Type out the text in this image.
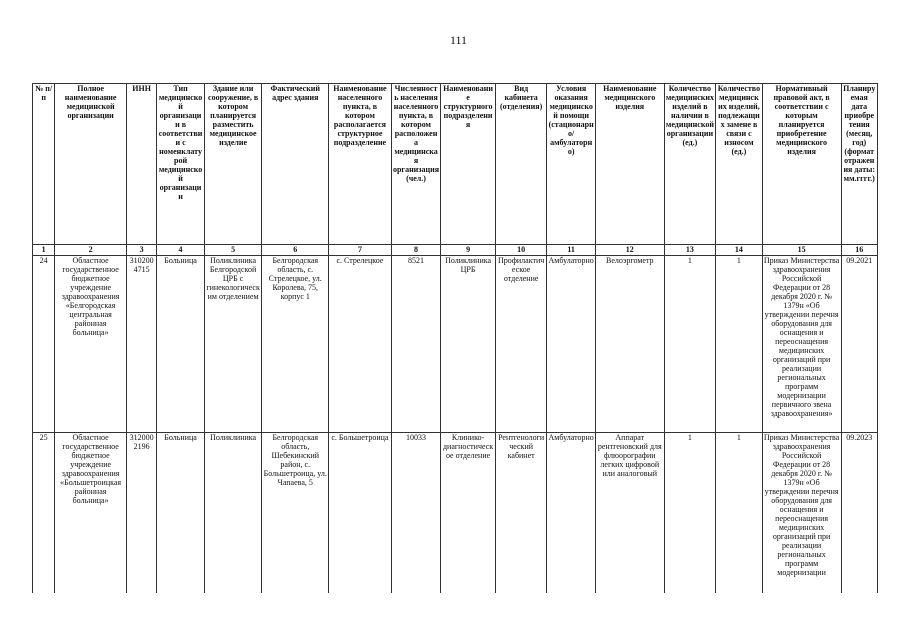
111
№ п/п	Полное наименование медицинской организации	ИНН	Тип медицинской организации в соответствии с номенклатурой медицинской организации	Здание или сооружение, в котором планируется разместить медицинское изделие	Фактический адрес здания	Наименование населенного пункта, в котором располагается структурное подразделение	Численность населения населенного пункта, в котором расположена медицинская организация (чел.)	Наименование структурного подразделения	Вид кабинета (отделения)	Условия оказания медицинской помощи (стационарно/амбулаторно)	Наименование медицинского изделия	Количество медицинских изделий в наличии в медицинской организации (ед.)	Количество медицинских изделий, подлежащих замене в связи с износом (ед.)	Нормативный правовой акт, в соответствии с которым планируется приобретение медицинского изделия	Планируемая дата приобретения (месяц, год) (формат отражения даты: мм.гггг.)
1	2	3	4	5	6	7	8	9	10	11	12	13	14	15	16
24	Областное государственное бюджетное учреждение здравоохранения «Белгородская центральная районная больница»	3102004715	Больница	Поликлиника Белгородской ЦРБ с гинекологическим отделением	Белгородская область, с. Стрелецкое, ул. Королева, 75, корпус 1	с. Стрелецкое	8521	Поликлиника ЦРБ	Профилактическое отделение	Амбулаторно	Велоэргометр	1	1	Приказ Министерства здравоохранения Российской Федерации от 28 декабря 2020 г. № 1379н «Об утверждении перечня оборудования для оснащения и переоснащения медицинских организаций при реализации региональных программ модернизации первичного звена здравоохранения»	09.2021
25	Областное государственное бюджетное учреждение здравоохранения «Большетроицкая районная больница»	3120002196	Больница	Поликлиника	Белгородская область, Шебекинский район, с. Большетроица, ул. Чапаева, 5	с. Большетроица	10033	Клинико-диагностическое отделение	Рентгенологический кабинет	Амбулаторно	Аппарат рентгеновский для флюорографии легких цифровой или аналоговый	1	1	Приказ Министерства здравоохранения Российской Федерации от 28 декабря 2020 г. № 1379н «Об утверждении перечня оборудования для оснащения и переоснащения медицинских организаций при реализации региональных программ модернизации	09.2023
